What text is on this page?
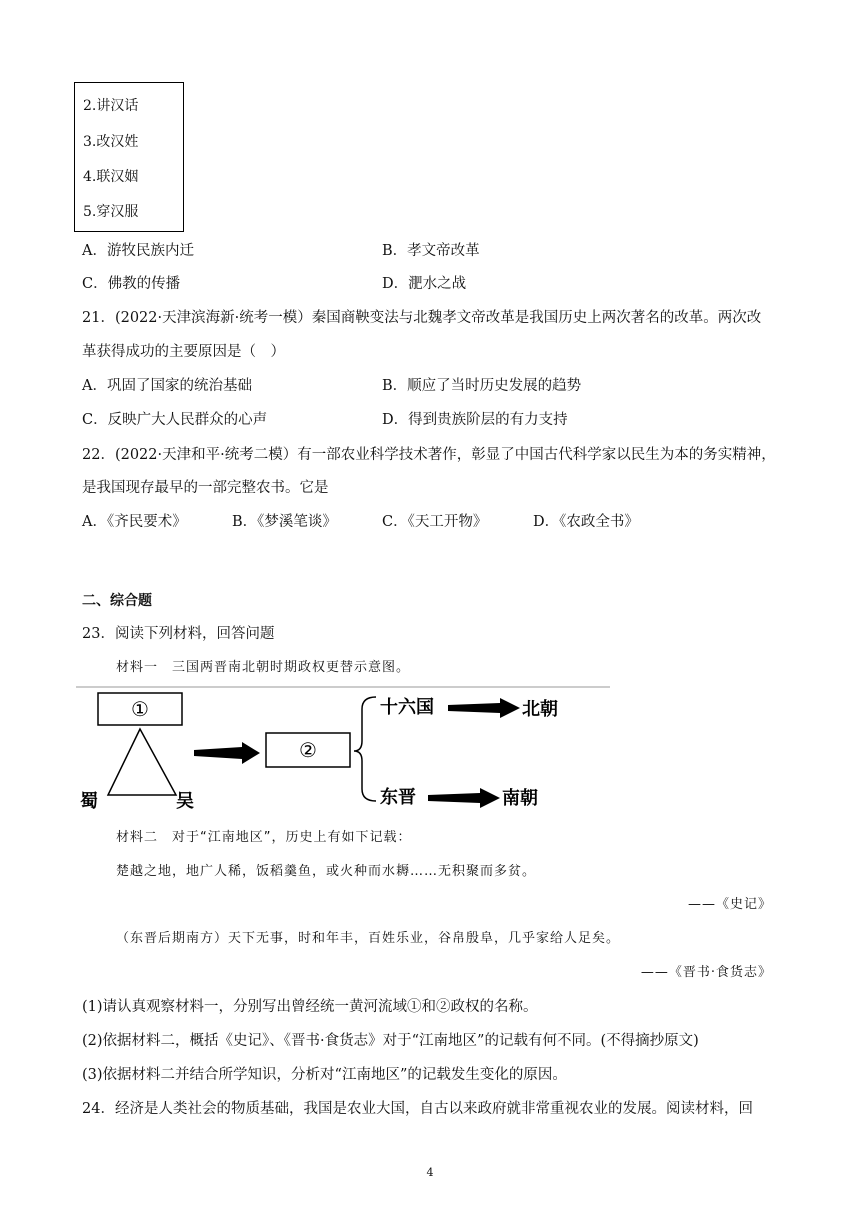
2.讲汉话
3.改汉姓
4.联汉姻
5.穿汉服
A．游牧民族内迁	B．孝文帝改革
C．佛教的传播	D．淝水之战
21．(2022·天津滨海新·统考一模）秦国商鞅变法与北魏孝文帝改革是我国历史上两次著名的改革。两次改
革获得成功的主要原因是（　）
A．巩固了国家的统治基础	B．顺应了当时历史发展的趋势
C．反映广大人民群众的心声	D．得到贵族阶层的有力支持
22．(2022·天津和平·统考二模）有一部农业科学技术著作，彰显了中国古代科学家以民生为本的务实精神，
是我国现存最早的一部完整农书。它是
A．《齐民要术》	B．《梦溪笔谈》	C．《天工开物》	D．《农政全书》
二、综合题
23．阅读下列材料，回答问题
材料一　三国两晋南北朝时期政权更替示意图。
①
蜀	吴
②
十六国	北朝
东晋	南朝
材料二　对于“江南地区”，历史上有如下记载：
楚越之地，地广人稀，饭稻羹鱼，或火种而水耨……无积聚而多贫。
——《史记》
（东晋后期南方）天下无事，时和年丰，百姓乐业，谷帛殷阜，几乎家给人足矣。
——《晋书·食货志》
(1)请认真观察材料一，分别写出曾经统一黄河流域①和②政权的名称。
(2)依据材料二，概括《史记》、《晋书·食货志》对于“江南地区”的记载有何不同。(不得摘抄原文)
(3)依据材料二并结合所学知识，分析对“江南地区”的记载发生变化的原因。
24．经济是人类社会的物质基础，我国是农业大国，自古以来政府就非常重视农业的发展。阅读材料，回
4
